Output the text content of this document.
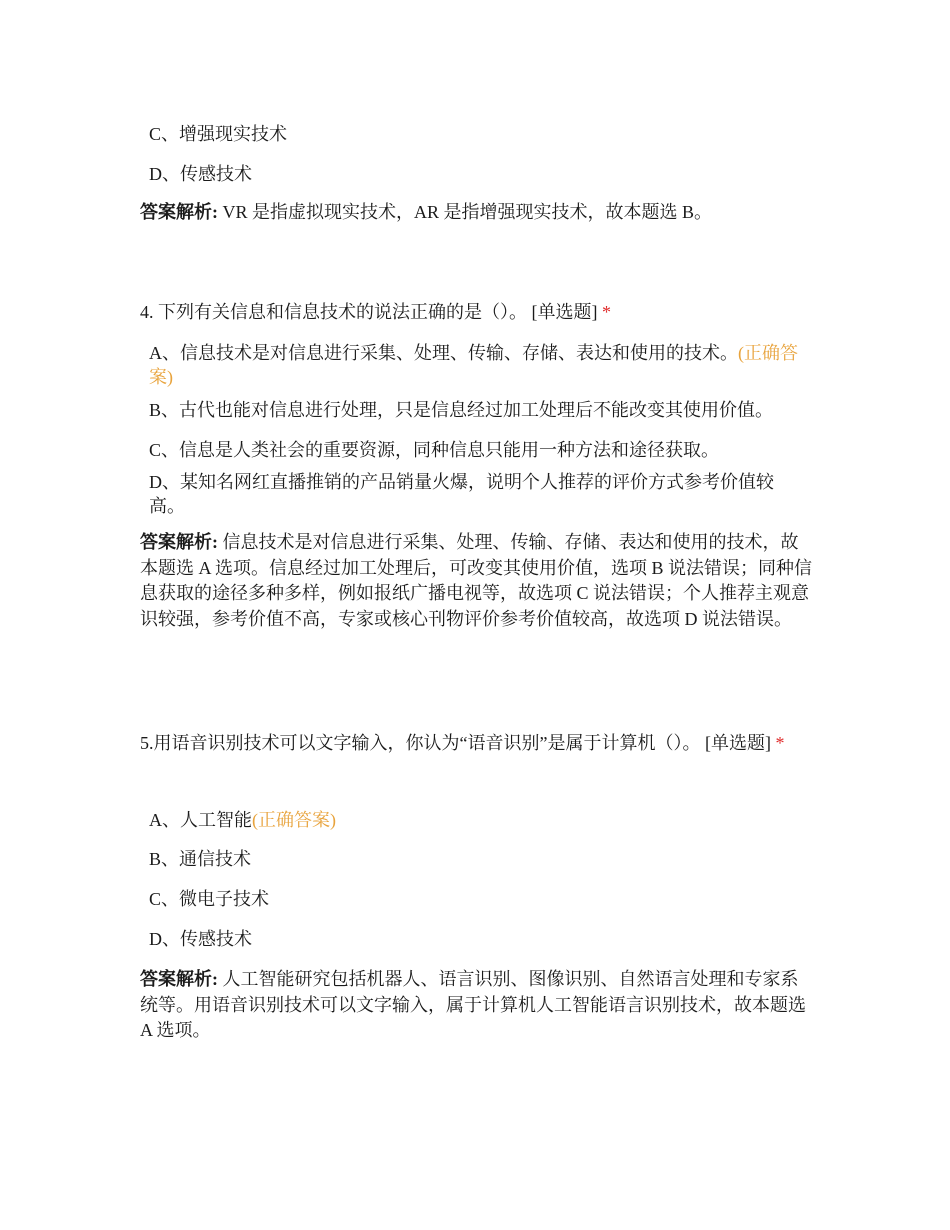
C、增强现实技术
D、传感技术
答案解析: VR 是指虚拟现实技术，AR 是指增强现实技术，故本题选 B。
4. 下列有关信息和信息技术的说法正确的是（）。 [单选题] *
A、信息技术是对信息进行采集、处理、传输、存储、表达和使用的技术。(正确答案)
B、古代也能对信息进行处理，只是信息经过加工处理后不能改变其使用价值。
C、信息是人类社会的重要资源，同种信息只能用一种方法和途径获取。
D、某知名网红直播推销的产品销量火爆，说明个人推荐的评价方式参考价值较高。
答案解析: 信息技术是对信息进行采集、处理、传输、存储、表达和使用的技术，故本题选 A 选项。信息经过加工处理后，可改变其使用价值，选项 B 说法错误；同种信息获取的途径多种多样，例如报纸广播电视等，故选项 C 说法错误；个人推荐主观意识较强，参考价值不高，专家或核心刊物评价参考价值较高，故选项 D 说法错误。
5.用语音识别技术可以文字输入，你认为“语音识别”是属于计算机（）。 [单选题] *
A、人工智能(正确答案)
B、通信技术
C、微电子技术
D、传感技术
答案解析: 人工智能研究包括机器人、语言识别、图像识别、自然语言处理和专家系统等。用语音识别技术可以文字输入，属于计算机人工智能语言识别技术，故本题选 A 选项。
